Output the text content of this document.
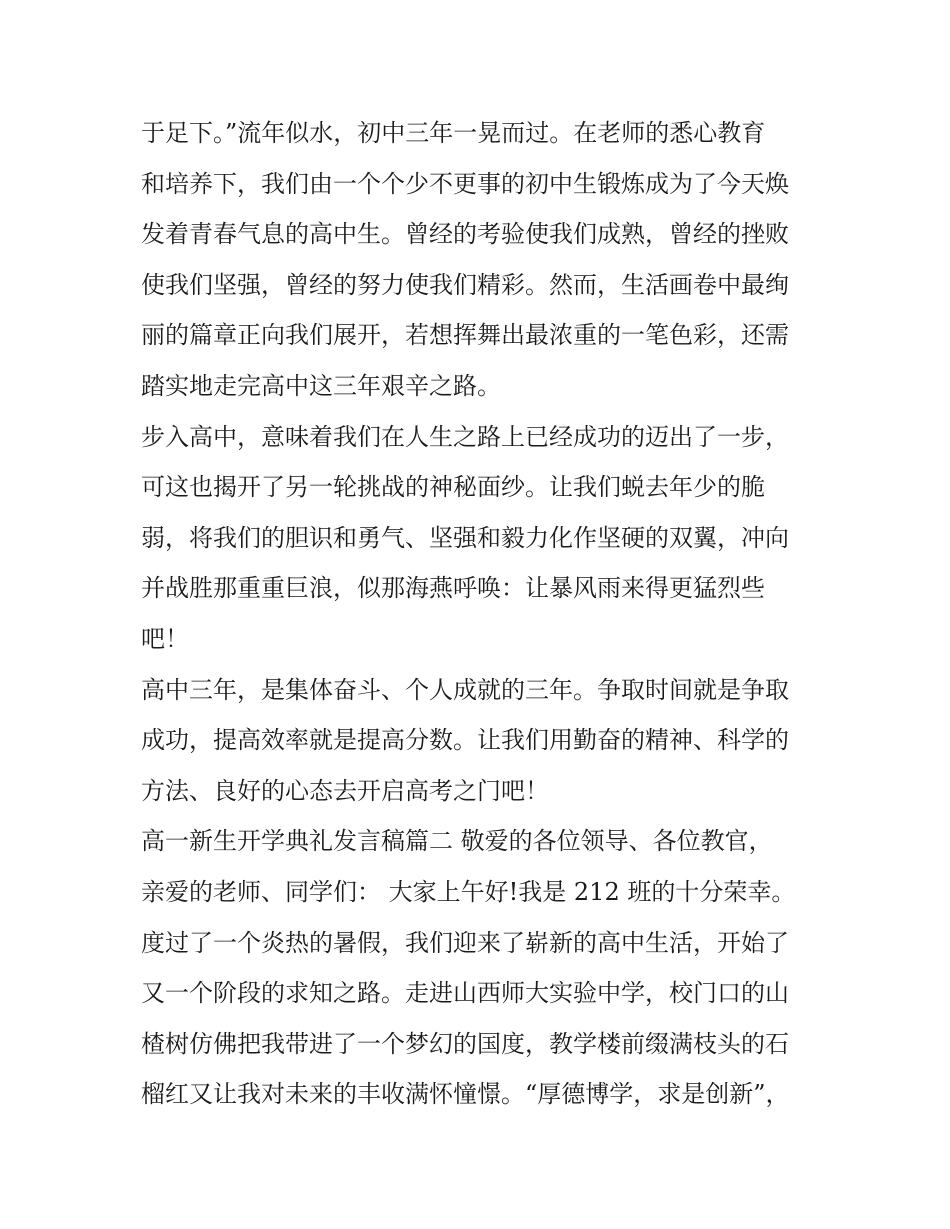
于足下。”流年似水，初中三年一晃而过。在老师的悉心教育
和培养下，我们由一个个少不更事的初中生锻炼成为了今天焕
发着青春气息的高中生。曾经的考验使我们成熟，曾经的挫败
使我们坚强，曾经的努力使我们精彩。然而，生活画卷中最绚
丽的篇章正向我们展开，若想挥舞出最浓重的一笔色彩，还需
踏实地走完高中这三年艰辛之路。
步入高中，意味着我们在人生之路上已经成功的迈出了一步，
可这也揭开了另一轮挑战的神秘面纱。让我们蜕去年少的脆
弱，将我们的胆识和勇气、坚强和毅力化作坚硬的双翼，冲向
并战胜那重重巨浪，似那海燕呼唤：让暴风雨来得更猛烈些
吧！
高中三年，是集体奋斗、个人成就的三年。争取时间就是争取
成功，提高效率就是提高分数。让我们用勤奋的精神、科学的
方法、良好的心态去开启高考之门吧！
高一新生开学典礼发言稿篇二 敬爱的各位领导、各位教官，
亲爱的老师、同学们： 大家上午好!我是 212 班的十分荣幸。
度过了一个炎热的暑假，我们迎来了崭新的高中生活，开始了
又一个阶段的求知之路。走进山西师大实验中学，校门口的山
楂树仿佛把我带进了一个梦幻的国度，教学楼前缀满枝头的石
榴红又让我对未来的丰收满怀憧憬。“厚德博学，求是创新”，
